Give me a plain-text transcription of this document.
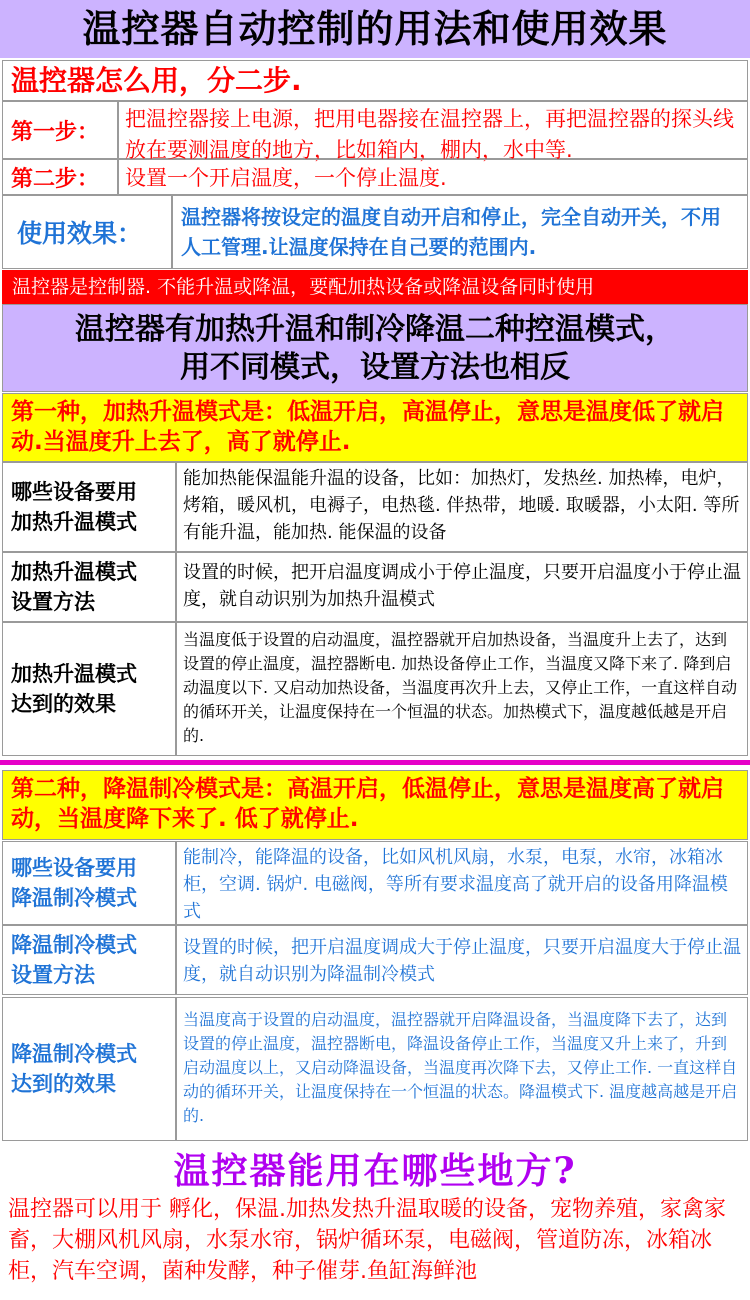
温控器自动控制的用法和使用效果
温控器怎么用，分二步.
第一步：
把温控器接上电源，把用电器接在温控器上，再把温控器的探头线放在要测温度的地方，比如箱内，棚内，水中等.
第二步：	设置一个开启温度，一个停止温度.
使用效果：
温控器将按设定的温度自动开启和停止，完全自动开关，不用人工管理.让温度保持在自己要的范围内.
温控器是控制器. 不能升温或降温，要配加热设备或降温设备同时使用
温控器有加热升温和制冷降温二种控温模式，
用不同模式，设置方法也相反
第一种，加热升温模式是：低温开启，高温停止，意思是温度低了就启动.当温度升上去了，高了就停止.
哪些设备要用
加热升温模式
能加热能保温能升温的设备，比如：加热灯，发热丝. 加热棒，电炉，烤箱，暖风机，电褥子，电热毯. 伴热带，地暖. 取暖器，小太阳. 等所有能升温，能加热. 能保温的设备
加热升温模式
设置方法
设置的时候，把开启温度调成小于停止温度，只要开启温度小于停止温度，就自动识别为加热升温模式
加热升温模式
达到的效果
当温度低于设置的启动温度，温控器就开启加热设备，当温度升上去了，达到设置的停止温度，温控器断电. 加热设备停止工作，当温度又降下来了. 降到启动温度以下. 又启动加热设备，当温度再次升上去，又停止工作，一直这样自动的循环开关，让温度保持在一个恒温的状态。加热模式下，温度越低越是开启的.
第二种，降温制冷模式是：高温开启，低温停止，意思是温度高了就启动，当温度降下来了. 低了就停止.
哪些设备要用
降温制冷模式
能制冷，能降温的设备，比如风机风扇，水泵，电泵，水帘，冰箱冰柜，空调. 锅炉. 电磁阀，等所有要求温度高了就开启的设备用降温模式
降温制冷模式
设置方法
设置的时候，把开启温度调成大于停止温度，只要开启温度大于停止温度，就自动识别为降温制冷模式
降温制冷模式
达到的效果
当温度高于设置的启动温度，温控器就开启降温设备，当温度降下去了，达到设置的停止温度，温控器断电，降温设备停止工作，当温度又升上来了，升到启动温度以上，又启动降温设备，当温度再次降下去，又停止工作. 一直这样自动的循环开关，让温度保持在一个恒温的状态。降温模式下. 温度越高越是开启的.
温控器能用在哪些地方?
温控器可以用于 孵化，保温.加热发热升温取暖的设备，宠物养殖，家禽家畜，大棚风机风扇，水泵水帘，锅炉循环泵，电磁阀，管道防冻，冰箱冰柜，汽车空调，菌种发酵，种子催芽.鱼缸海鲜池
